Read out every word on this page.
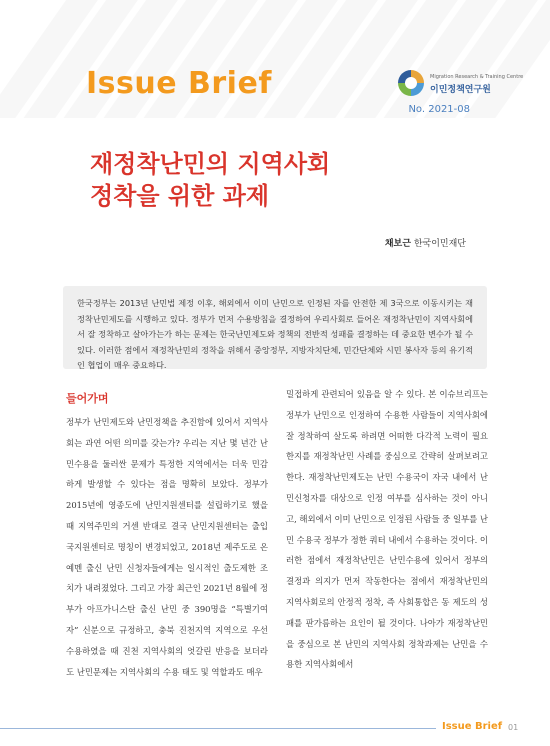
Issue Brief	Migration Research & Training Centre
이민정책연구원
No. 2021-08
재정착난민의 지역사회
정착을 위한 과제
채보근 한국이민재단
한국정부는 2013년 난민법 제정 이후, 해외에서 이미 난민으로 인정된 자를 안전한 제 3국으로 이동시키는 재정착난민제도를 시행하고 있다. 정부가 먼저 수용방침을 결정하여 우리사회로 들어온 재정착난민이 지역사회에서 잘 정착하고 살아가는가 하는 문제는 한국난민제도와 정책의 전반적 성패를 결정하는 데 중요한 변수가 될 수 있다. 이러한 점에서 재정착난민의 정착을 위해서 중앙정부, 지방자치단체, 민간단체와 시민 봉사자 등의 유기적인 협업이 매우 중요하다.
들어가며
정부가 난민제도와 난민정책을 추진함에 있어서 지역사회는 과연 어떤 의미를 갖는가? 우리는 지난 몇 년간 난민수용을 둘러싼 문제가 특정한 지역에서는 더욱 민감하게 발생할 수 있다는 점을 명확히 보았다. 정부가 2015년에 영종도에 난민지원센터를 설립하기로 했을 때 지역주민의 거센 반대로 결국 난민지원센터는 출입국지원센터로 명칭이 변경되었고, 2018년 제주도로 온 예멘 출신 난민 신청자들에게는 일시적인 출도제한 조치가 내려졌었다. 그리고 가장 최근인 2021년 8월에 정부가 아프가니스탄 출신 난민 중 390명을 “특별기여자” 신분으로 규정하고, 충북 진천지역 지역으로 우선 수용하였을 때 진천 지역사회의 엇갈린 반응을 보더라도 난민문제는 지역사회의 수용 태도 및 역할과도 매우
밀접하게 관련되어 있음을 알 수 있다. 본 이슈브리프는 정부가 난민으로 인정하여 수용한 사람들이 지역사회에 잘 정착하여 살도록 하려면 어떠한 다각적 노력이 필요한지를 재정착난민 사례를 중심으로 간략히 살펴보려고 한다. 재정착난민제도는 난민 수용국이 자국 내에서 난민신청자를 대상으로 인정 여부를 심사하는 것이 아니고, 해외에서 이미 난민으로 인정된 사람들 중 일부를 난민 수용국 정부가 정한 쿼터 내에서 수용하는 것이다. 이러한 점에서 재정착난민은 난민수용에 있어서 정부의 결정과 의지가 먼저 작동한다는 점에서 재정착난민의 지역사회로의 안정적 정착, 즉 사회통합은 동 제도의 성패를 판가름하는 요인이 될 것이다. 나아가 재정착난민을 중심으로 본 난민의 지역사회 정착과제는 난민을 수용한 지역사회에서
Issue Brief 01
